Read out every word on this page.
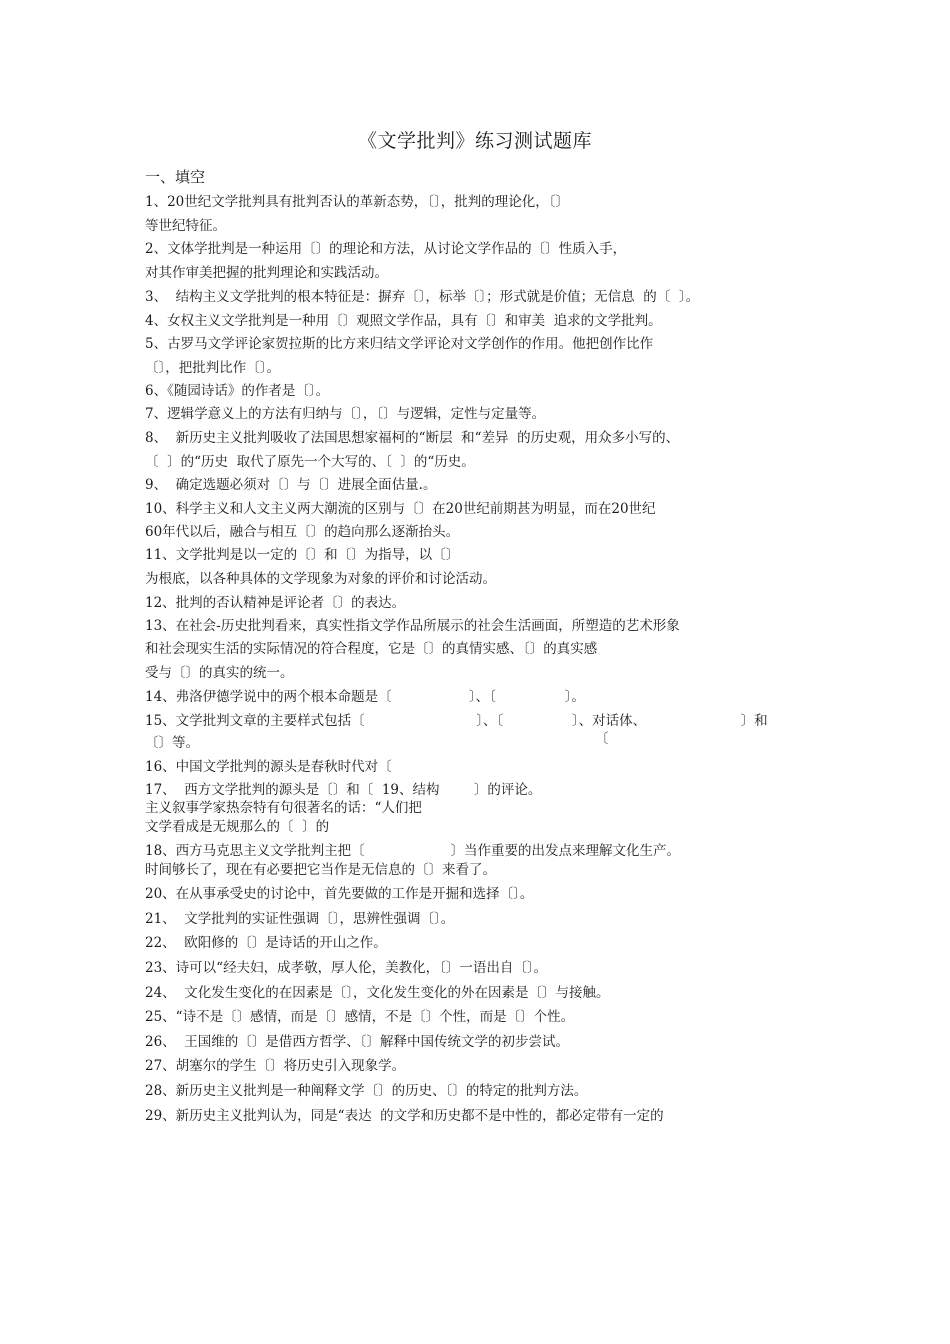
《文学批判》练习测试题库
一、填空
1、20世纪文学批判具有批判否认的革新态势，〔〕，批判的理论化，〔〕
等世纪特征。
2、文体学批判是一种运用〔〕的理论和方法，从讨论文学作品的〔〕性质入手，
对其作审美把握的批判理论和实践活动。
3、  结构主义文学批判的根本特征是：摒弃〔〕，标举〔〕；形式就是价值；无信息  的〔  〕。
4、女权主义文学批判是一种用〔〕观照文学作品，具有〔〕和审美  追求的文学批判。
5、古罗马文学评论家贺拉斯的比方来归结文学评论对文学创作的作用。他把创作比作
〔〕，把批判比作〔〕。
6、《随园诗话》的作者是〔〕。
7、逻辑学意义上的方法有归纳与〔〕，〔〕与逻辑，定性与定量等。
8、  新历史主义批判吸收了法国思想家福柯的“断层  和“差异  的历史观，用众多小写的、
〔  〕的“历史  取代了原先一个大写的、〔  〕的“历史。
9、  确定选题必须对〔〕与〔〕进展全面估量.。
10、科学主义和人文主义两大潮流的区别与〔〕在20世纪前期甚为明显，而在20世纪
60年代以后，融合与相互〔〕的趋向那么逐渐抬头。
11、文学批判是以一定的〔〕和〔〕为指导，以〔〕
为根底，以各种具体的文学现象为对象的评价和讨论活动。
12、批判的否认精神是评论者〔〕的表达。
13、在社会-历史批判看来，真实性指文学作品所展示的社会生活画面，所塑造的艺术形象
和社会现实生活的实际情况的符合程度，它是〔〕的真情实感、〔〕的真实感
受与〔〕的真实的统一。
14、弗洛伊德学说中的两个根本命题是〔                  〕、〔                〕。
15、文学批判文章的主要样式包括〔                          〕、〔                〕、对话体、                      〕和
〔〕等。	〔
16、中国文学批判的源头是春秋时代对〔
17、  西方文学批判的源头是〔〕和〔  19、结构        〕的评论。
主义叙事学家热奈特有句很著名的话：“人们把
文学看成是无规那么的〔  〕的
18、西方马克思主义文学批判主把〔                    〕当作重要的出发点来理解文化生产。
时间够长了，现在有必要把它当作是无信息的〔〕来看了。
20、在从事承受史的讨论中，首先要做的工作是开掘和选择〔〕。
21、  文学批判的实证性强调〔〕，思辨性强调〔〕。
22、  欧阳修的〔〕是诗话的开山之作。
23、诗可以“经夫妇，成孝敬，厚人伦，美教化，〔〕一语出自〔〕。
24、  文化发生变化的在因素是〔〕，文化发生变化的外在因素是〔〕与接触。
25、“诗不是〔〕感情，而是〔〕感情，不是〔〕个性，而是〔〕个性。
26、  王国维的〔〕是借西方哲学、〔〕解释中国传统文学的初步尝试。
27、胡塞尔的学生〔〕将历史引入现象学。
28、新历史主义批判是一种阐释文学〔〕的历史、〔〕的特定的批判方法。
29、新历史主义批判认为，同是“表达  的文学和历史都不是中性的，都必定带有一定的
